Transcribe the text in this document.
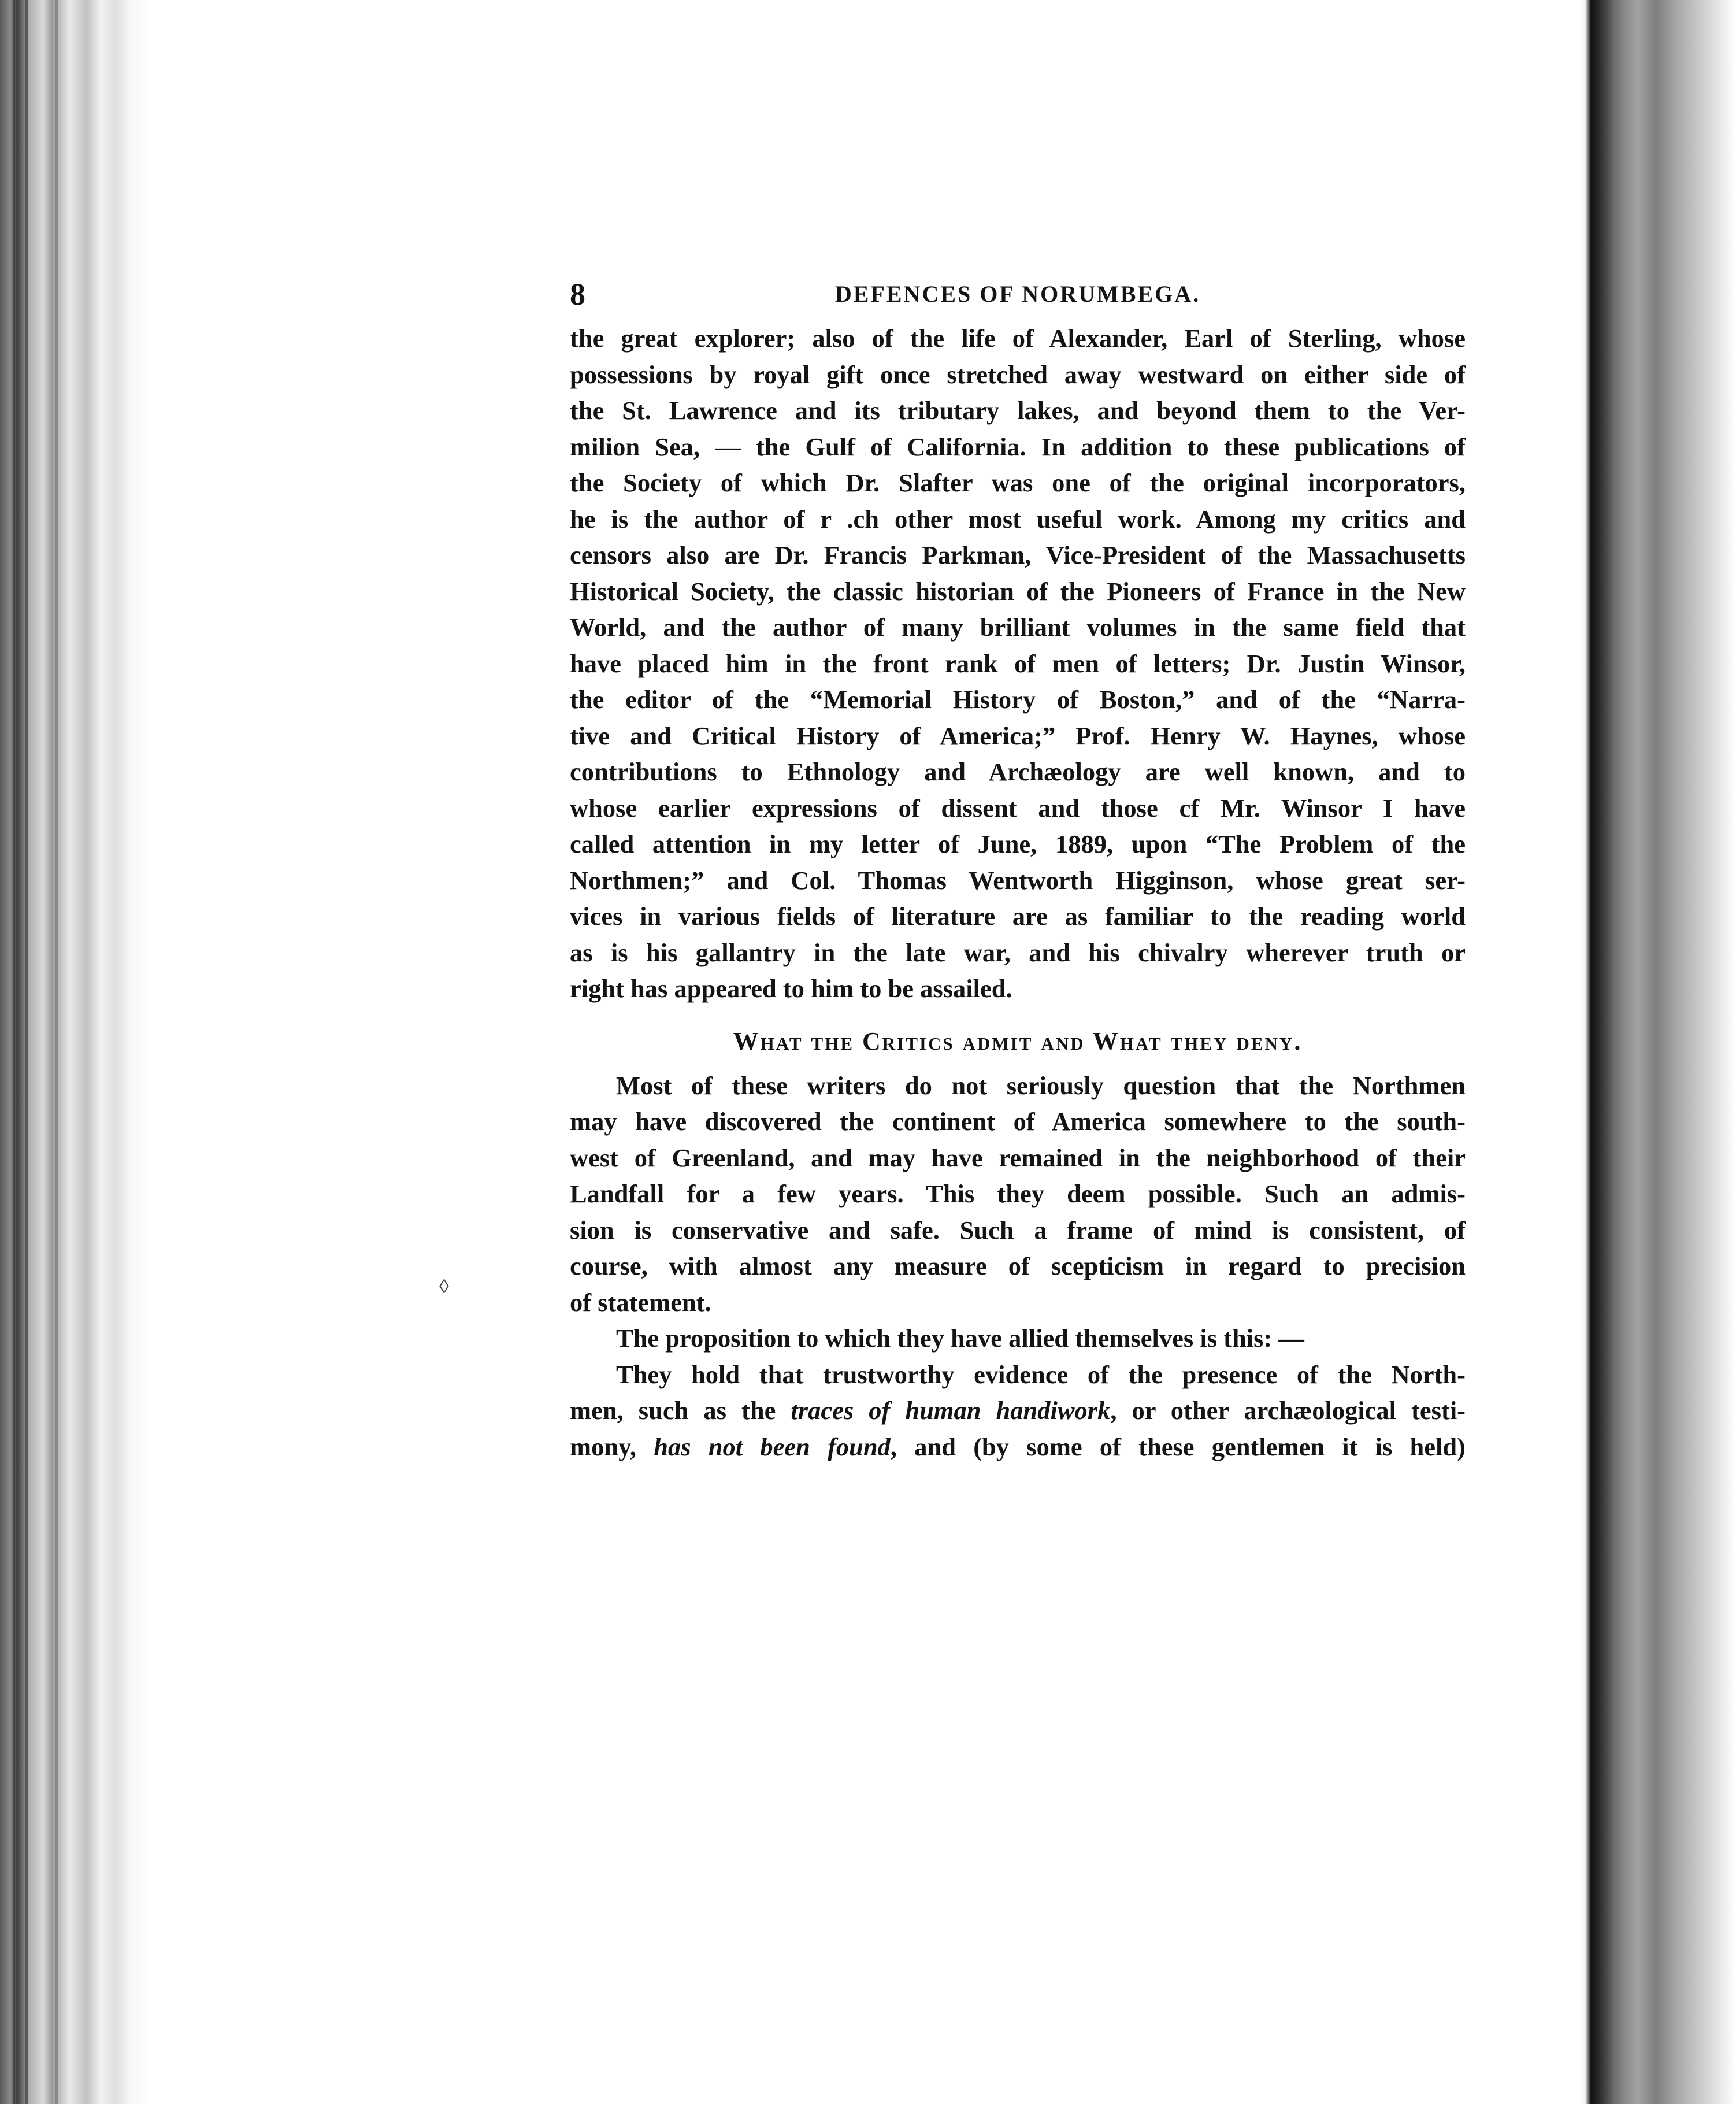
◊
8	DEFENCES OF NORUMBEGA.

the great explorer; also of the life of Alexander, Earl of Sterling, whose
possessions by royal gift once stretched away westward on either side of
the St. Lawrence and its tributary lakes, and beyond them to the Ver-
milion Sea, — the Gulf of California. In addition to these publications of
the Society of which Dr. Slafter was one of the original incorporators,
he is the author of r .ch other most useful work. Among my critics and
censors also are Dr. Francis Parkman, Vice-President of the Massachusetts
Historical Society, the classic historian of the Pioneers of France in the New
World, and the author of many brilliant volumes in the same field that
have placed him in the front rank of men of letters; Dr. Justin Winsor,
the editor of the “Memorial History of Boston,” and of the “Narra-
tive and Critical History of America;” Prof. Henry W. Haynes, whose
contributions to Ethnology and Archæology are well known, and to
whose earlier expressions of dissent and those cf Mr. Winsor I have
called attention in my letter of June, 1889, upon “The Problem of the
Northmen;” and Col. Thomas Wentworth Higginson, whose great ser-
vices in various fields of literature are as familiar to the reading world
as is his gallantry in the late war, and his chivalry wherever truth or
right has appeared to him to be assailed.

What the Critics admit and What they deny.

Most of these writers do not seriously question that the Northmen
may have discovered the continent of America somewhere to the south-
west of Greenland, and may have remained in the neighborhood of their
Landfall for a few years. This they deem possible. Such an admis-
sion is conservative and safe. Such a frame of mind is consistent, of
course, with almost any measure of scepticism in regard to precision
of statement.

The proposition to which they have allied themselves is this: —

They hold that trustworthy evidence of the presence of the North-
men, such as the traces of human handiwork, or other archæological testi-
mony, has not been found, and (by some of these gentlemen it is held)
